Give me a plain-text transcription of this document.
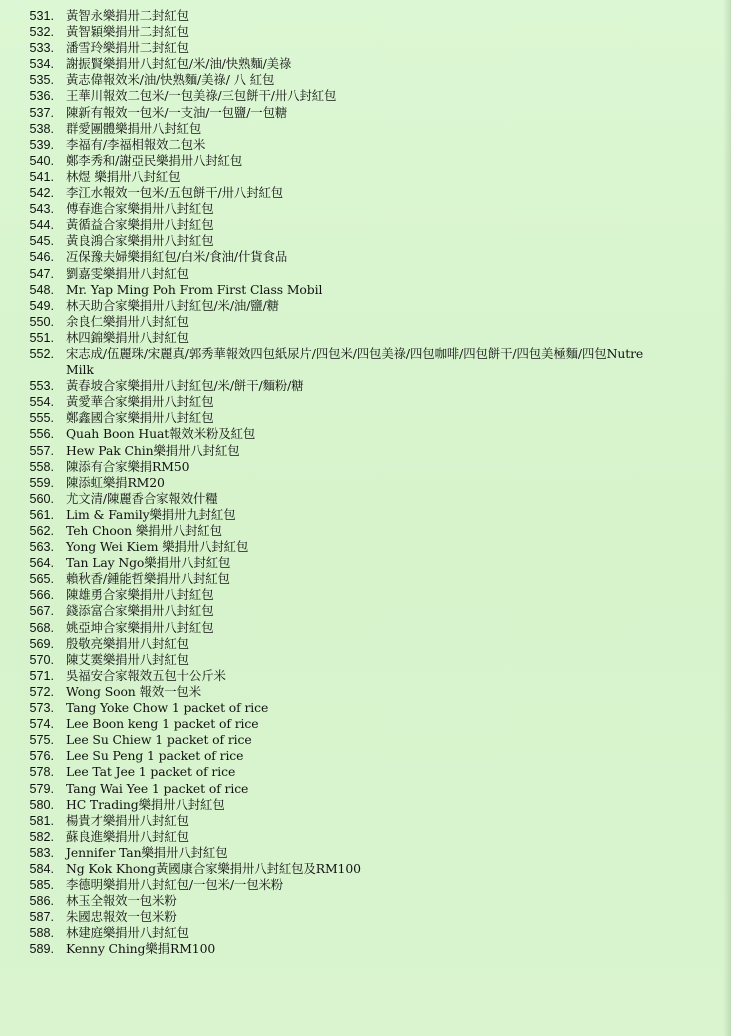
531. 黃智永樂捐卅二封紅包
532. 黃智穎樂捐卅二封紅包
533. 潘雪玲樂捐卅二封紅包
534. 謝振賢樂捐卅八封紅包/米/油/快熟麵/美祿
535. 黃志偉報效米/油/快熟麵/美祿/ 八 紅包
536. 王華川報效二包米/一包美祿/三包餅干/卅八封紅包
537. 陳新有報效一包米/一支油/一包鹽/一包糖
538. 群愛團體樂捐卅八封紅包
539. 李福有/李福相報效二包米
540. 鄭李秀和/謝亞民樂捐卅八封紅包
541. 林煜 樂捐卅八封紅包
542. 李江水報效一包米/五包餅干/卅八封紅包
543. 傅春進合家樂捐卅八封紅包
544. 黃循益合家樂捐卅八封紅包
545. 黃良鴻合家樂捐卅八封紅包
546. 冱保豫夫婦樂捐紅包/白米/食油/什貨食品
547. 劉嘉雯樂捐卅八封紅包
548. Mr. Yap Ming Poh From First Class Mobil
549. 林天助合家樂捐卅八封紅包/米/油/鹽/糖
550. 余良仁樂捐卅八封紅包
551. 林四錦樂捐卅八封紅包
552. 宋志成/伍麗珠/宋麗真/郭秀華報效四包紙尿片/四包米/四包美祿/四包咖啡/四包餅干/四包美極麵/四包Nutre Milk
553. 黃春坡合家樂捐卅八封紅包/米/餅干/麵粉/糖
554. 黃愛華合家樂捐卅八封紅包
555. 鄭鑫國合家樂捐卅八封紅包
556. Quah Boon Huat報效米粉及紅包
557. Hew Pak Chin樂捐卅八封紅包
558. 陳添有合家樂捐RM50
559. 陳添虹樂捐RM20
560. 尤文清/陳麗香合家報效什糧
561. Lim & Family樂捐卅九封紅包
562. Teh Choon 樂捐卅八封紅包
563. Yong Wei Kiem 樂捐卅八封紅包
564. Tan Lay Ngo樂捐卅八封紅包
565. 賴秋香/鍾能哲樂捐卅八封紅包
566. 陳雄勇合家樂捐卅八封紅包
567. 錢添富合家樂捐卅八封紅包
568. 姚亞坤合家樂捐卅八封紅包
569. 殷敬亮樂捐卅八封紅包
570. 陳艾霙樂捐卅八封紅包
571. 吳福安合家報效五包十公斤米
572. Wong Soon 報效一包米
573. Tang Yoke Chow 1 packet of rice
574. Lee Boon keng 1 packet of rice
575. Lee Su Chiew 1 packet of rice
576. Lee Su Peng 1 packet of rice
578. Lee Tat Jee 1 packet of rice
579. Tang Wai Yee 1 packet of rice
580. HC Trading樂捐卅八封紅包
581. 楊貴才樂捐卅八封紅包
582. 蘇良進樂捐卅八封紅包
583. Jennifer Tan樂捐卅八封紅包
584. Ng Kok Khong黃國康合家樂捐卅八封紅包及RM100
585. 李德明樂捐卅八封紅包/一包米/一包米粉
586. 林玉全報效一包米粉
587. 朱國忠報效一包米粉
588. 林建庭樂捐卅八封紅包
589. Kenny Ching樂捐RM100
